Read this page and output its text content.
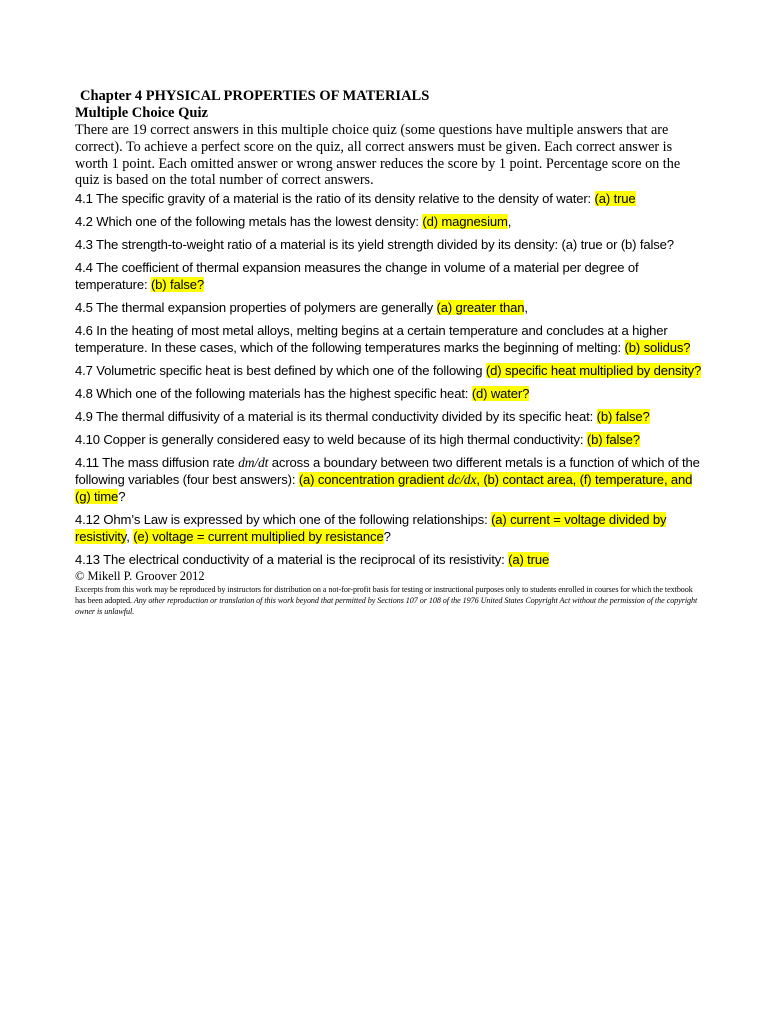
Chapter 4 PHYSICAL PROPERTIES OF MATERIALS
Multiple Choice Quiz
There are 19 correct answers in this multiple choice quiz (some questions have multiple answers that are correct). To achieve a perfect score on the quiz, all correct answers must be given. Each correct answer is worth 1 point. Each omitted answer or wrong answer reduces the score by 1 point. Percentage score on the quiz is based on the total number of correct answers.
4.1 The specific gravity of a material is the ratio of its density relative to the density of water: (a) true
4.2 Which one of the following metals has the lowest density: (d) magnesium,
4.3 The strength-to-weight ratio of a material is its yield strength divided by its density: (a) true or (b) false?
4.4 The coefficient of thermal expansion measures the change in volume of a material per degree of temperature: (b) false?
4.5 The thermal expansion properties of polymers are generally (a) greater than,
4.6 In the heating of most metal alloys, melting begins at a certain temperature and concludes at a higher temperature. In these cases, which of the following temperatures marks the beginning of melting: (b) solidus?
4.7 Volumetric specific heat is best defined by which one of the following (d) specific heat multiplied by density?
4.8 Which one of the following materials has the highest specific heat: (d) water?
4.9 The thermal diffusivity of a material is its thermal conductivity divided by its specific heat: (b) false?
4.10 Copper is generally considered easy to weld because of its high thermal conductivity: (b) false?
4.11 The mass diffusion rate dm/dt across a boundary between two different metals is a function of which of the following variables (four best answers): (a) concentration gradient dc/dx, (b) contact area, (f) temperature, and (g) time?
4.12 Ohm’s Law is expressed by which one of the following relationships: (a) current = voltage divided by resistivity, (e) voltage = current multiplied by resistance?
4.13 The electrical conductivity of a material is the reciprocal of its resistivity: (a) true
© Mikell P. Groover 2012
Excerpts from this work may be reproduced by instructors for distribution on a not-for-profit basis for testing or instructional purposes only to students enrolled in courses for which the textbook has been adopted. Any other reproduction or translation of this work beyond that permitted by Sections 107 or 108 of the 1976 United States Copyright Act without the permission of the copyright owner is unlawful.
